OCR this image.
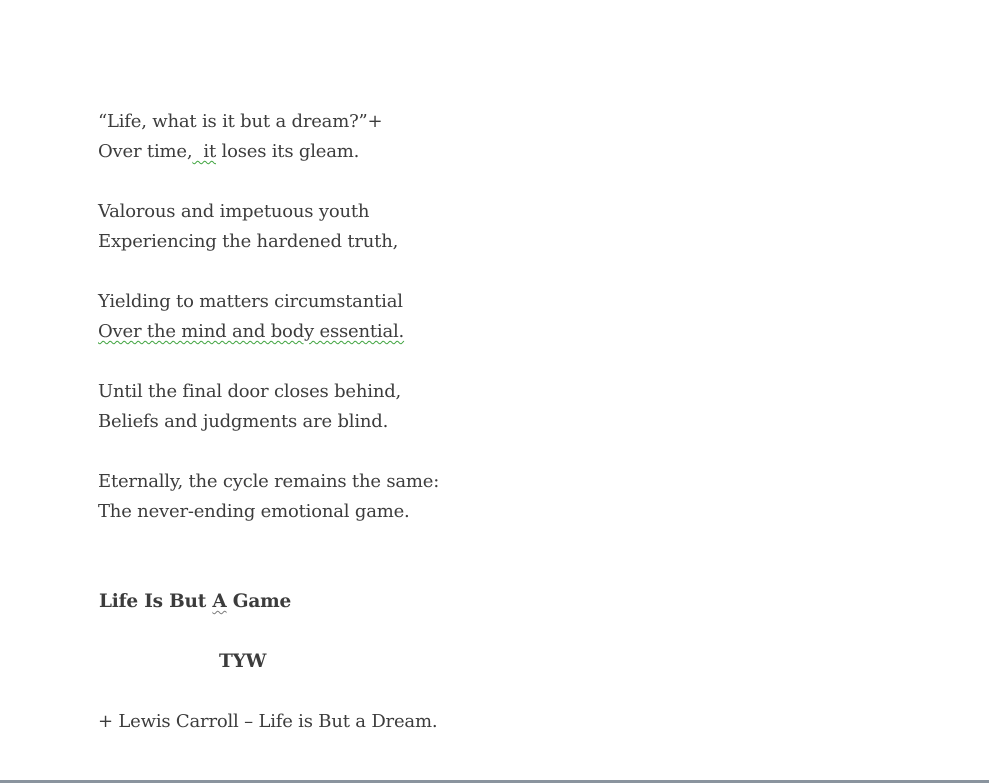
“Life, what is it but a dream?”+
Over time,  it loses its gleam.
Valorous and impetuous youth
Experiencing the hardened truth,
Yielding to matters circumstantial
Over the mind and body essential.
Until the final door closes behind,
Beliefs and judgments are blind.
Eternally, the cycle remains the same:
The never-ending emotional game.
Life Is But A Game
TYW
+ Lewis Carroll – Life is But a Dream.
